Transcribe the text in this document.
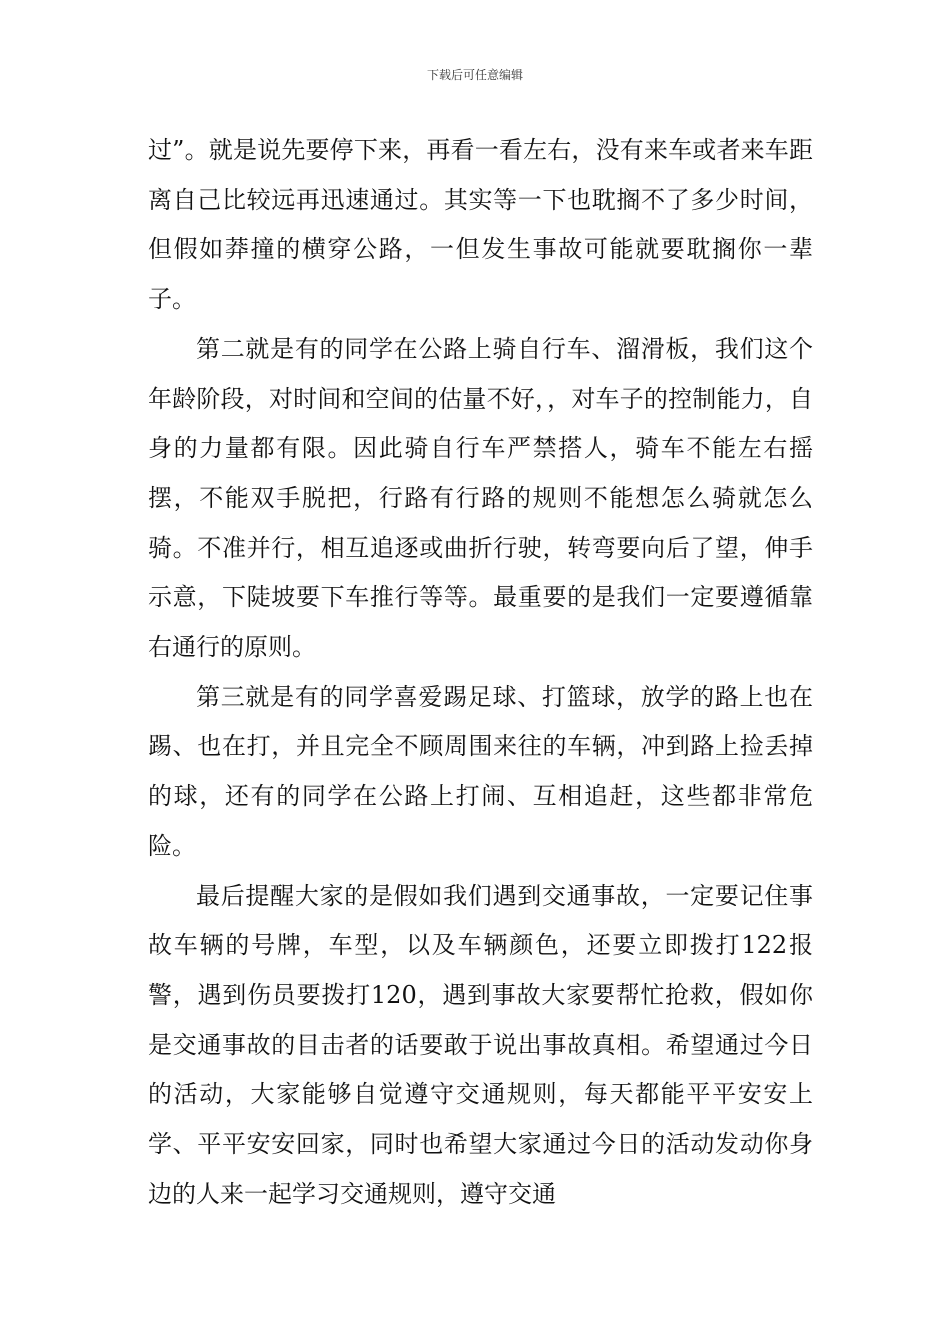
下载后可任意编辑

过”。就是说先要停下来，再看一看左右，没有来车或者来车距离自己比较远再迅速通过。其实等一下也耽搁不了多少时间，但假如莽撞的横穿公路，一但发生事故可能就要耽搁你一辈子。

第二就是有的同学在公路上骑自行车、溜滑板，我们这个年龄阶段，对时间和空间的估量不好，，对车子的控制能力，自身的力量都有限。因此骑自行车严禁搭人，骑车不能左右摇摆，不能双手脱把，行路有行路的规则不能想怎么骑就怎么骑。不准并行，相互追逐或曲折行驶，转弯要向后了望，伸手示意，下陡坡要下车推行等等。最重要的是我们一定要遵循靠右通行的原则。

第三就是有的同学喜爱踢足球、打篮球，放学的路上也在踢、也在打，并且完全不顾周围来往的车辆，冲到路上捡丢掉的球，还有的同学在公路上打闹、互相追赶，这些都非常危险。

最后提醒大家的是假如我们遇到交通事故，一定要记住事故车辆的号牌，车型，以及车辆颜色，还要立即拨打122报警，遇到伤员要拨打120，遇到事故大家要帮忙抢救，假如你是交通事故的目击者的话要敢于说出事故真相。希望通过今日的活动，大家能够自觉遵守交通规则，每天都能平平安安上学、平平安安回家，同时也希望大家通过今日的活动发动你身边的人来一起学习交通规则，遵守交通
